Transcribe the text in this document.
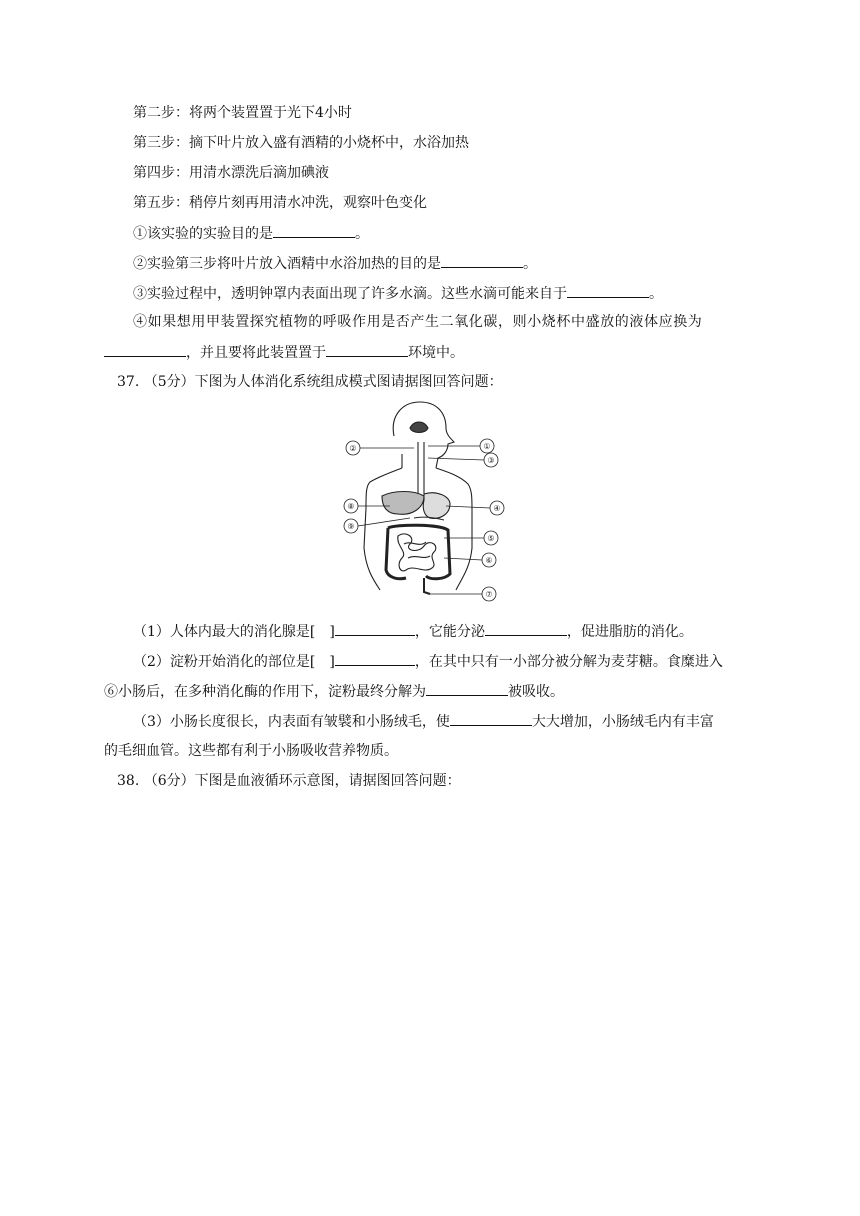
第二步：将两个装置置于光下4小时
第三步：摘下叶片放入盛有酒精的小烧杯中，水浴加热
第四步：用清水漂洗后滴加碘液
第五步：稍停片刻再用清水冲洗，观察叶色变化
①该实验的实验目的是	。
②实验第三步将叶片放入酒精中水浴加热的目的是	。
③实验过程中，透明钟罩内表面出现了许多水滴。这些水滴可能来自于	。
④如果想用甲装置探究植物的呼吸作用是否产生二氧化碳，则小烧杯中盛放的液体应换为
，并且要将此装置置于	环境中。
37. （5分）下图为人体消化系统组成模式图请据图回答问题：
①
②
③
④
⑤
⑥
⑦
⑧
⑨
（1）人体内最大的消化腺是[ ]	，它能分泌	，促进脂肪的消化。
（2）淀粉开始消化的部位是[ ]	，在其中只有一小部分被分解为麦芽糖。食糜进入
⑥小肠后，在多种消化酶的作用下，淀粉最终分解为	被吸收。
（3）小肠长度很长，内表面有皱襞和小肠绒毛，使	大大增加，小肠绒毛内有丰富
的毛细血管。这些都有利于小肠吸收营养物质。
38. （6分）下图是血液循环示意图，请据图回答问题：
